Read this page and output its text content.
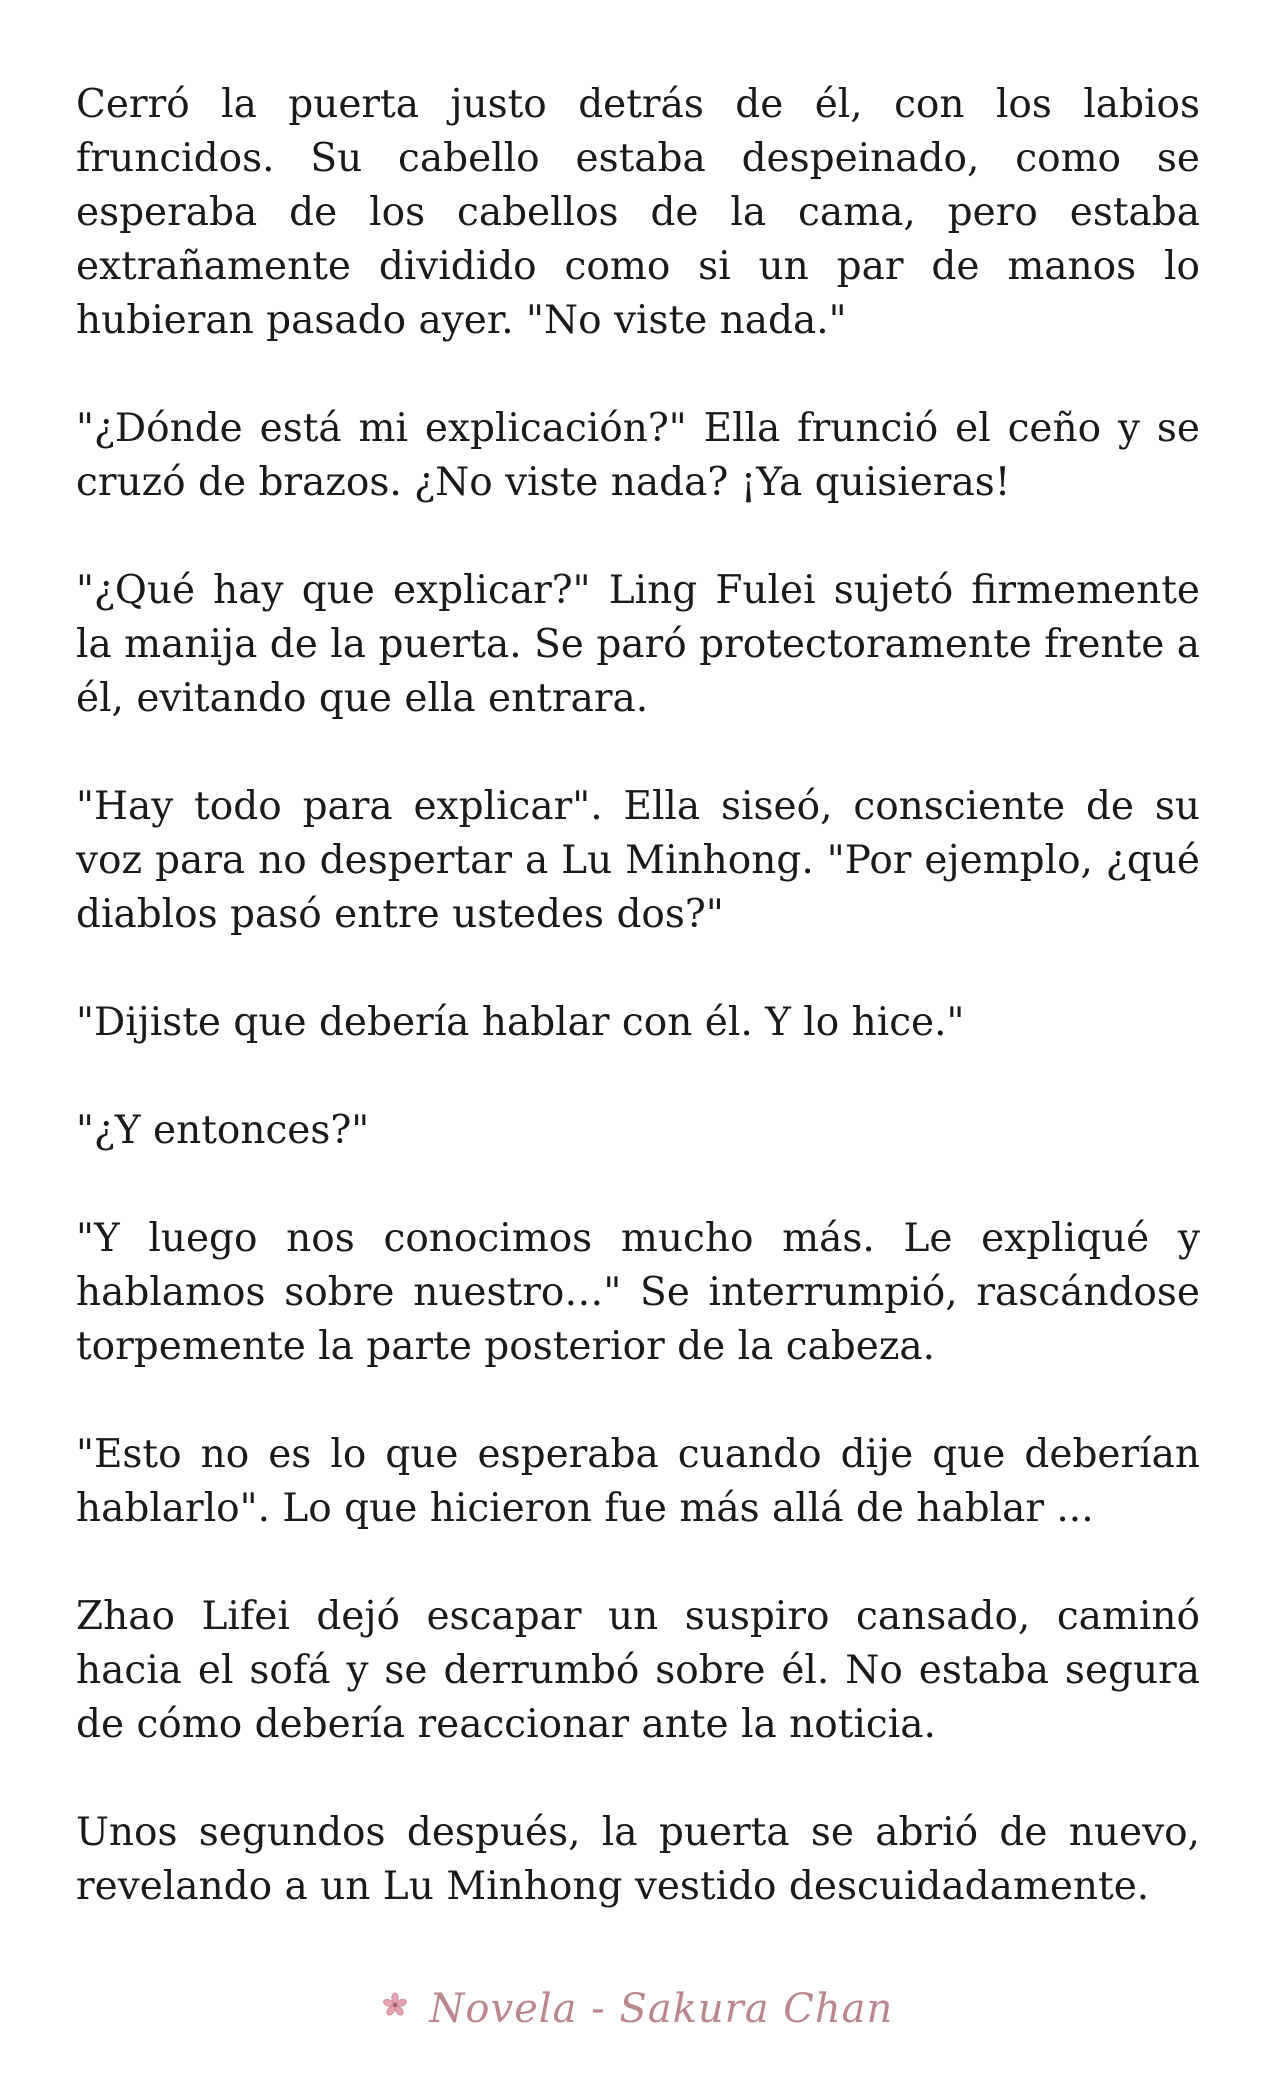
Cerró la puerta justo detrás de él, con los labios fruncidos. Su cabello estaba despeinado, como se esperaba de los cabellos de la cama, pero estaba extrañamente dividido como si un par de manos lo hubieran pasado ayer. "No viste nada."

"¿Dónde está mi explicación?" Ella frunció el ceño y se cruzó de brazos. ¿No viste nada? ¡Ya quisieras!

"¿Qué hay que explicar?" Ling Fulei sujetó firmemente la manija de la puerta. Se paró protectoramente frente a él, evitando que ella entrara.

"Hay todo para explicar". Ella siseó, consciente de su voz para no despertar a Lu Minhong. "Por ejemplo, ¿qué diablos pasó entre ustedes dos?"

"Dijiste que debería hablar con él. Y lo hice."

"¿Y entonces?"

"Y luego nos conocimos mucho más. Le expliqué y hablamos sobre nuestro…" Se interrumpió, rascándose torpemente la parte posterior de la cabeza.

"Esto no es lo que esperaba cuando dije que deberían hablarlo". Lo que hicieron fue más allá de hablar ...

Zhao Lifei dejó escapar un suspiro cansado, caminó hacia el sofá y se derrumbó sobre él. No estaba segura de cómo debería reaccionar ante la noticia.

Unos segundos después, la puerta se abrió de nuevo, revelando a un Lu Minhong vestido descuidadamente.

Novela - Sakura Chan
